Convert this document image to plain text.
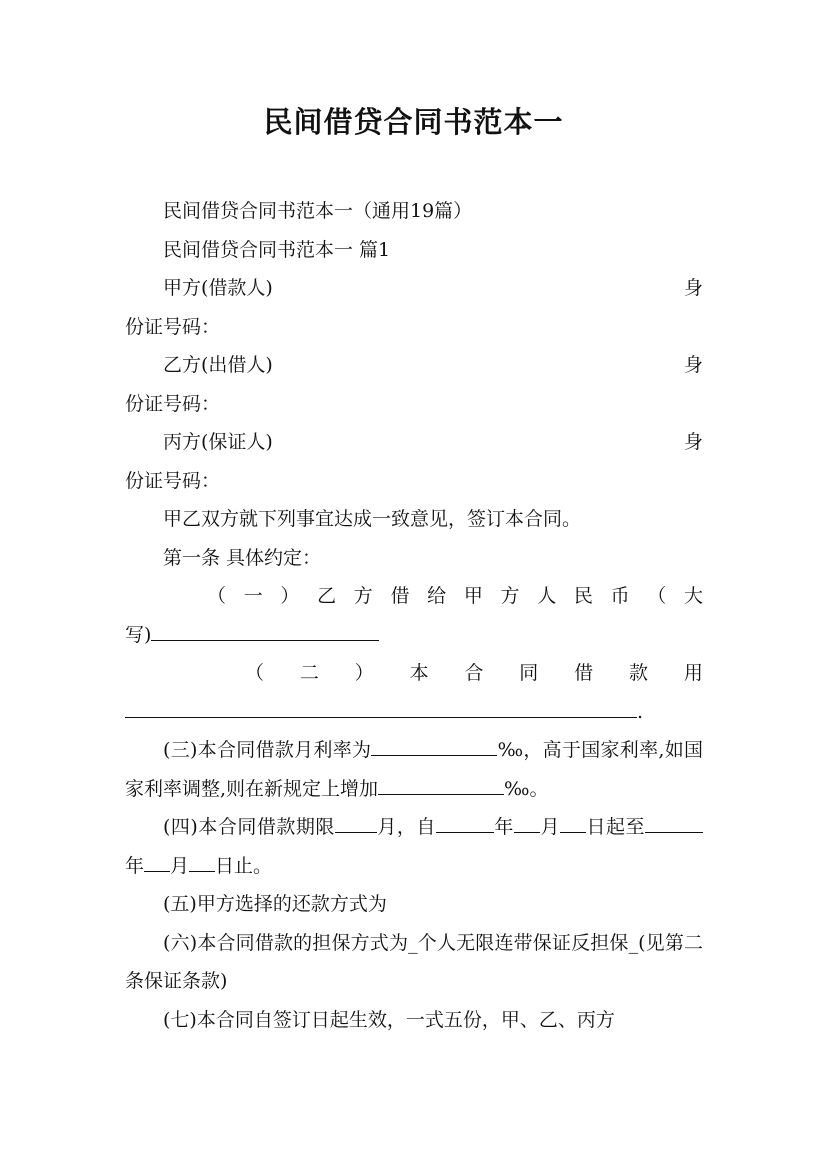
民间借贷合同书范本一

民间借贷合同书范本一（通用19篇）

民间借贷合同书范本一 篇1

甲方(借款人)	身

份证号码：

乙方(出借人)	身

份证号码：

丙方(保证人)	身

份证号码：

甲乙双方就下列事宜达成一致意见，签订本合同。

第一条 具体约定：

（ 一 ） 乙 方 借 给 甲 方 人 民 币 （ 大

写)

（ 二 ） 本 合 同 借 款 用

.

(三)本合同借款月利率为	‰，高于国家利率,如国家利率调整,则在新规定上增加	‰。

(四)本合同借款期限 月，自	年 月 日起至年 月 日止。

(五)甲方选择的还款方式为

(六)本合同借款的担保方式为_个人无限连带保证反担保_(见第二条保证条款)

(七)本合同自签订日起生效，一式五份，甲、乙、丙方
